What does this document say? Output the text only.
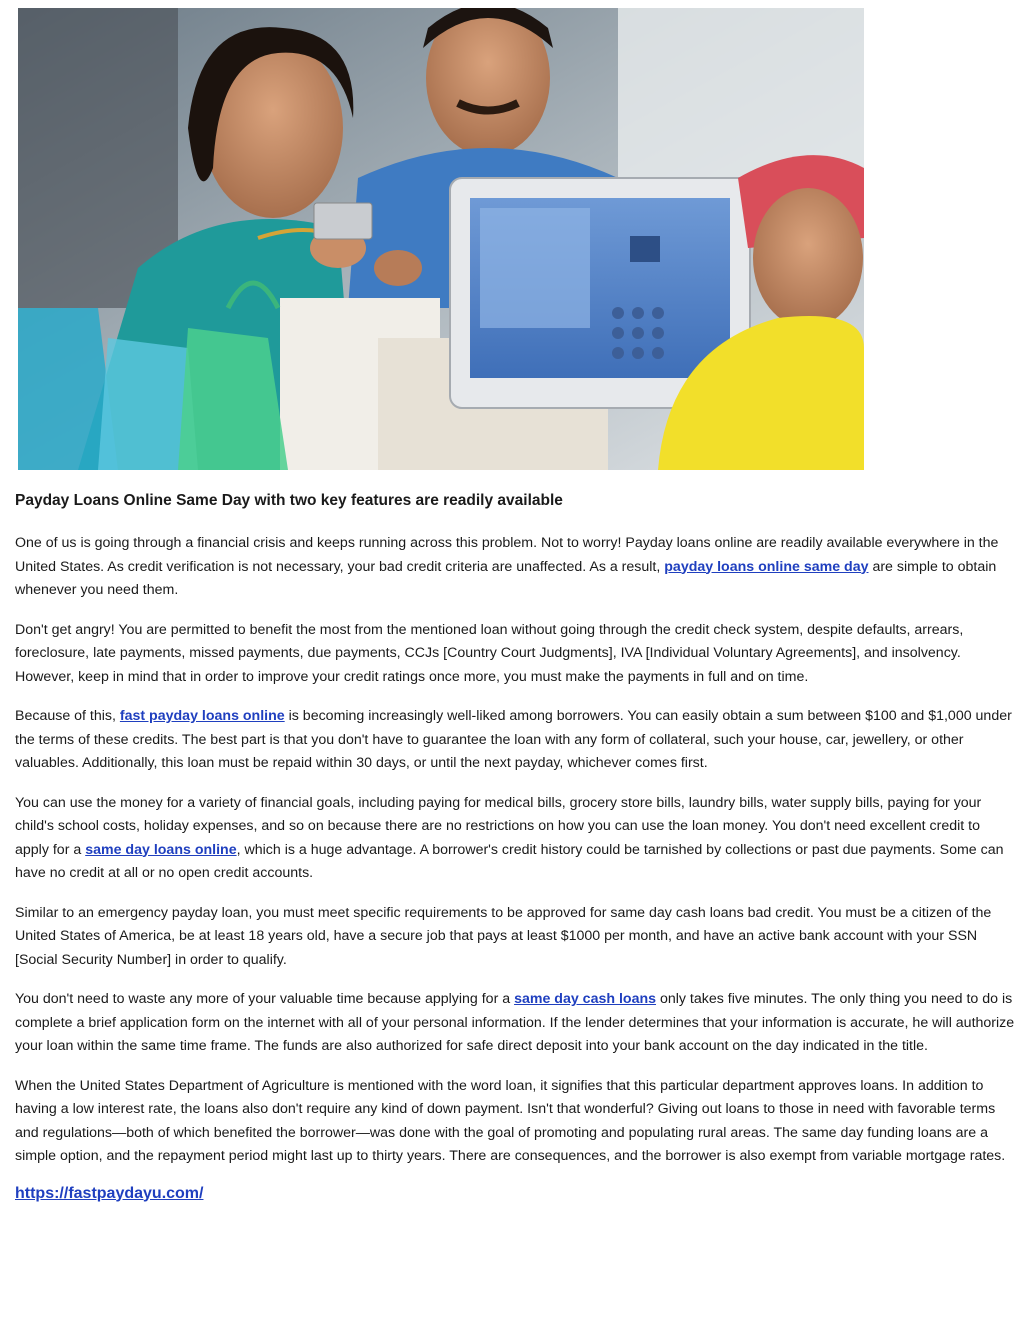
Payday Loans Online Same Day with two key features are readily available

One of us is going through a financial crisis and keeps running across this problem. Not to worry! Payday loans online are readily available everywhere in the United States. As credit verification is not necessary, your bad credit criteria are unaffected. As a result, payday loans online same day are simple to obtain whenever you need them.

Don't get angry! You are permitted to benefit the most from the mentioned loan without going through the credit check system, despite defaults, arrears, foreclosure, late payments, missed payments, due payments, CCJs [Country Court Judgments], IVA [Individual Voluntary Agreements], and insolvency. However, keep in mind that in order to improve your credit ratings once more, you must make the payments in full and on time.

Because of this, fast payday loans online is becoming increasingly well-liked among borrowers. You can easily obtain a sum between $100 and $1,000 under the terms of these credits. The best part is that you don't have to guarantee the loan with any form of collateral, such your house, car, jewellery, or other valuables. Additionally, this loan must be repaid within 30 days, or until the next payday, whichever comes first.

You can use the money for a variety of financial goals, including paying for medical bills, grocery store bills, laundry bills, water supply bills, paying for your child's school costs, holiday expenses, and so on because there are no restrictions on how you can use the loan money. You don't need excellent credit to apply for a same day loans online, which is a huge advantage. A borrower's credit history could be tarnished by collections or past due payments. Some can have no credit at all or no open credit accounts.

Similar to an emergency payday loan, you must meet specific requirements to be approved for same day cash loans bad credit. You must be a citizen of the United States of America, be at least 18 years old, have a secure job that pays at least $1000 per month, and have an active bank account with your SSN [Social Security Number] in order to qualify.

You don't need to waste any more of your valuable time because applying for a same day cash loans only takes five minutes. The only thing you need to do is complete a brief application form on the internet with all of your personal information. If the lender determines that your information is accurate, he will authorize your loan within the same time frame. The funds are also authorized for safe direct deposit into your bank account on the day indicated in the title.

When the United States Department of Agriculture is mentioned with the word loan, it signifies that this particular department approves loans. In addition to having a low interest rate, the loans also don't require any kind of down payment. Isn't that wonderful? Giving out loans to those in need with favorable terms and regulations—both of which benefited the borrower—was done with the goal of promoting and populating rural areas. The same day funding loans are a simple option, and the repayment period might last up to thirty years. There are consequences, and the borrower is also exempt from variable mortgage rates.

https://fastpaydayu.com/
